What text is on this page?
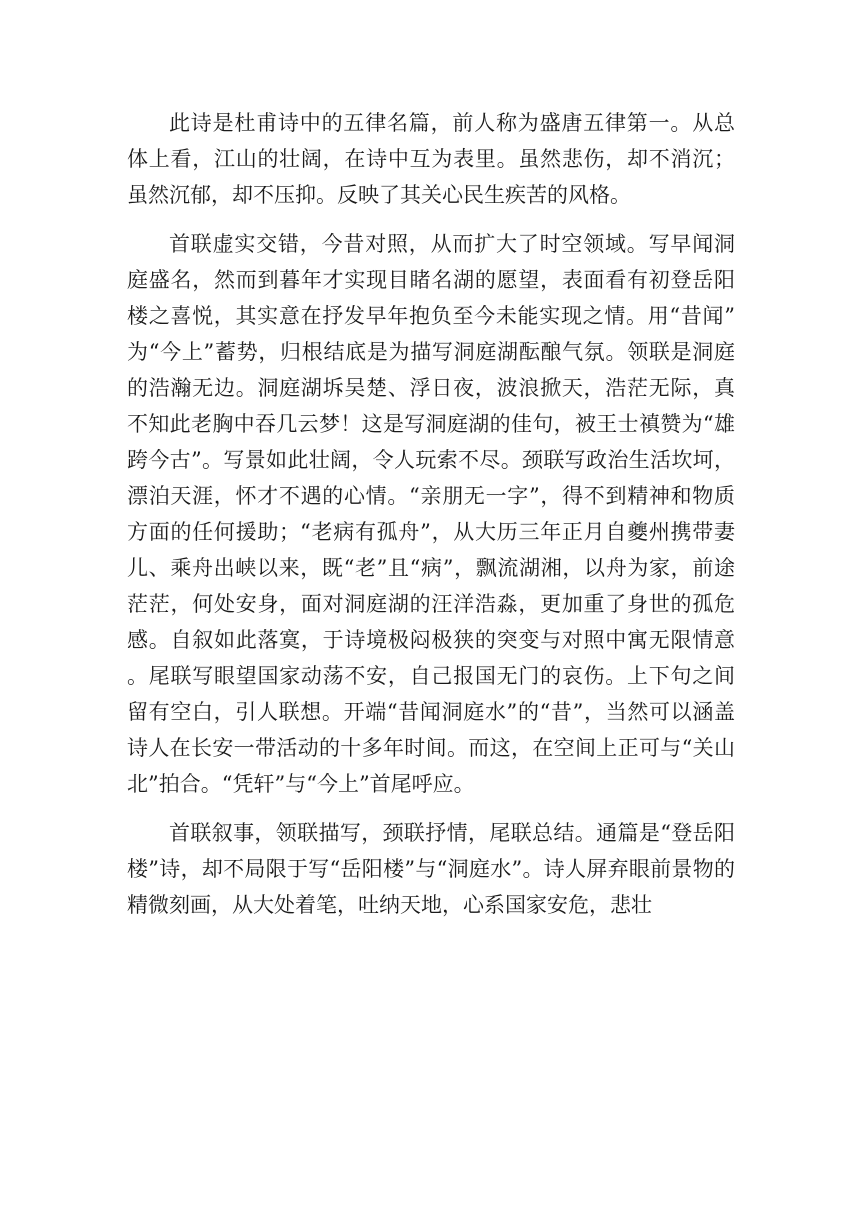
此诗是杜甫诗中的五律名篇，前人称为盛唐五律第一。从总体上看，江山的壮阔，在诗中互为表里。虽然悲伤，却不消沉；虽然沉郁，却不压抑。反映了其关心民生疾苦的风格。

首联虚实交错，今昔对照，从而扩大了时空领域。写早闻洞庭盛名，然而到暮年才实现目睹名湖的愿望，表面看有初登岳阳楼之喜悦，其实意在抒发早年抱负至今未能实现之情。用“昔闻”为“今上”蓄势，归根结底是为描写洞庭湖酝酿气氛。领联是洞庭的浩瀚无边。洞庭湖坼吴楚、浮日夜，波浪掀天，浩茫无际，真不知此老胸中吞几云梦！这是写洞庭湖的佳句，被王士禛赞为“雄跨今古”。写景如此壮阔，令人玩索不尽。颈联写政治生活坎坷，漂泊天涯，怀才不遇的心情。“亲朋无一字”，得不到精神和物质方面的任何援助；“老病有孤舟”，从大历三年正月自夔州携带妻儿、乘舟出峡以来，既“老”且“病”，飘流湖湘，以舟为家，前途茫茫，何处安身，面对洞庭湖的汪洋浩淼，更加重了身世的孤危感。自叙如此落寞，于诗境极闷极狭的突变与对照中寓无限情意。尾联写眼望国家动荡不安，自己报国无门的哀伤。上下句之间留有空白，引人联想。开端“昔闻洞庭水”的“昔”，当然可以涵盖诗人在长安一带活动的十多年时间。而这，在空间上正可与“关山北”拍合。“凭轩”与“今上”首尾呼应。

首联叙事，领联描写，颈联抒情，尾联总结。通篇是“登岳阳楼”诗，却不局限于写“岳阳楼”与“洞庭水”。诗人屏弃眼前景物的精微刻画，从大处着笔，吐纳天地，心系国家安危，悲壮
